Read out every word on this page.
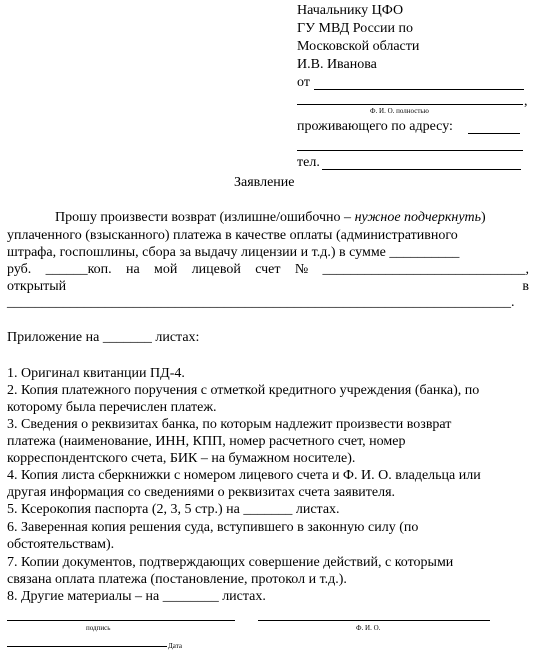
Начальнику ЦФО
ГУ МВД России по
Московской области
И.В. Иванова
от
,
Ф. И. О. полностью
проживающего по адресу:
тел.
Заявление
Прошу произвести возврат (излишне/ошибочно – нужное подчеркнуть)
уплаченного (взысканного) платежа в качестве оплаты (административного
штрафа, госпошлины, сбора за выдачу лицензии и т.д.) в сумме __________
руб. ______коп. на мой лицевой счет № _____________________________,
открытый	в
________________________________________________________________________.
Приложение на _______ листах:
1. Оригинал квитанции ПД-4.
2. Копия платежного поручения с отметкой кредитного учреждения (банка), по
которому была перечислен платеж.
3. Сведения о реквизитах банка, по которым надлежит произвести возврат
платежа (наименование, ИНН, КПП, номер расчетного счет, номер
корреспондентского счета, БИК – на бумажном носителе).
4. Копия листа сберкнижки с номером лицевого счета и Ф. И. О. владельца или
другая информация со сведениями о реквизитах счета заявителя.
5. Ксерокопия паспорта (2, 3, 5 стр.) на _______ листах.
6. Заверенная копия решения суда, вступившего в законную силу (по
обстоятельствам).
7. Копии документов, подтверждающих совершение действий, с которыми
связана оплата платежа (постановление, протокол и т.д.).
8. Другие материалы – на ________ листах.
подпись	Ф. И. О.
Дата
